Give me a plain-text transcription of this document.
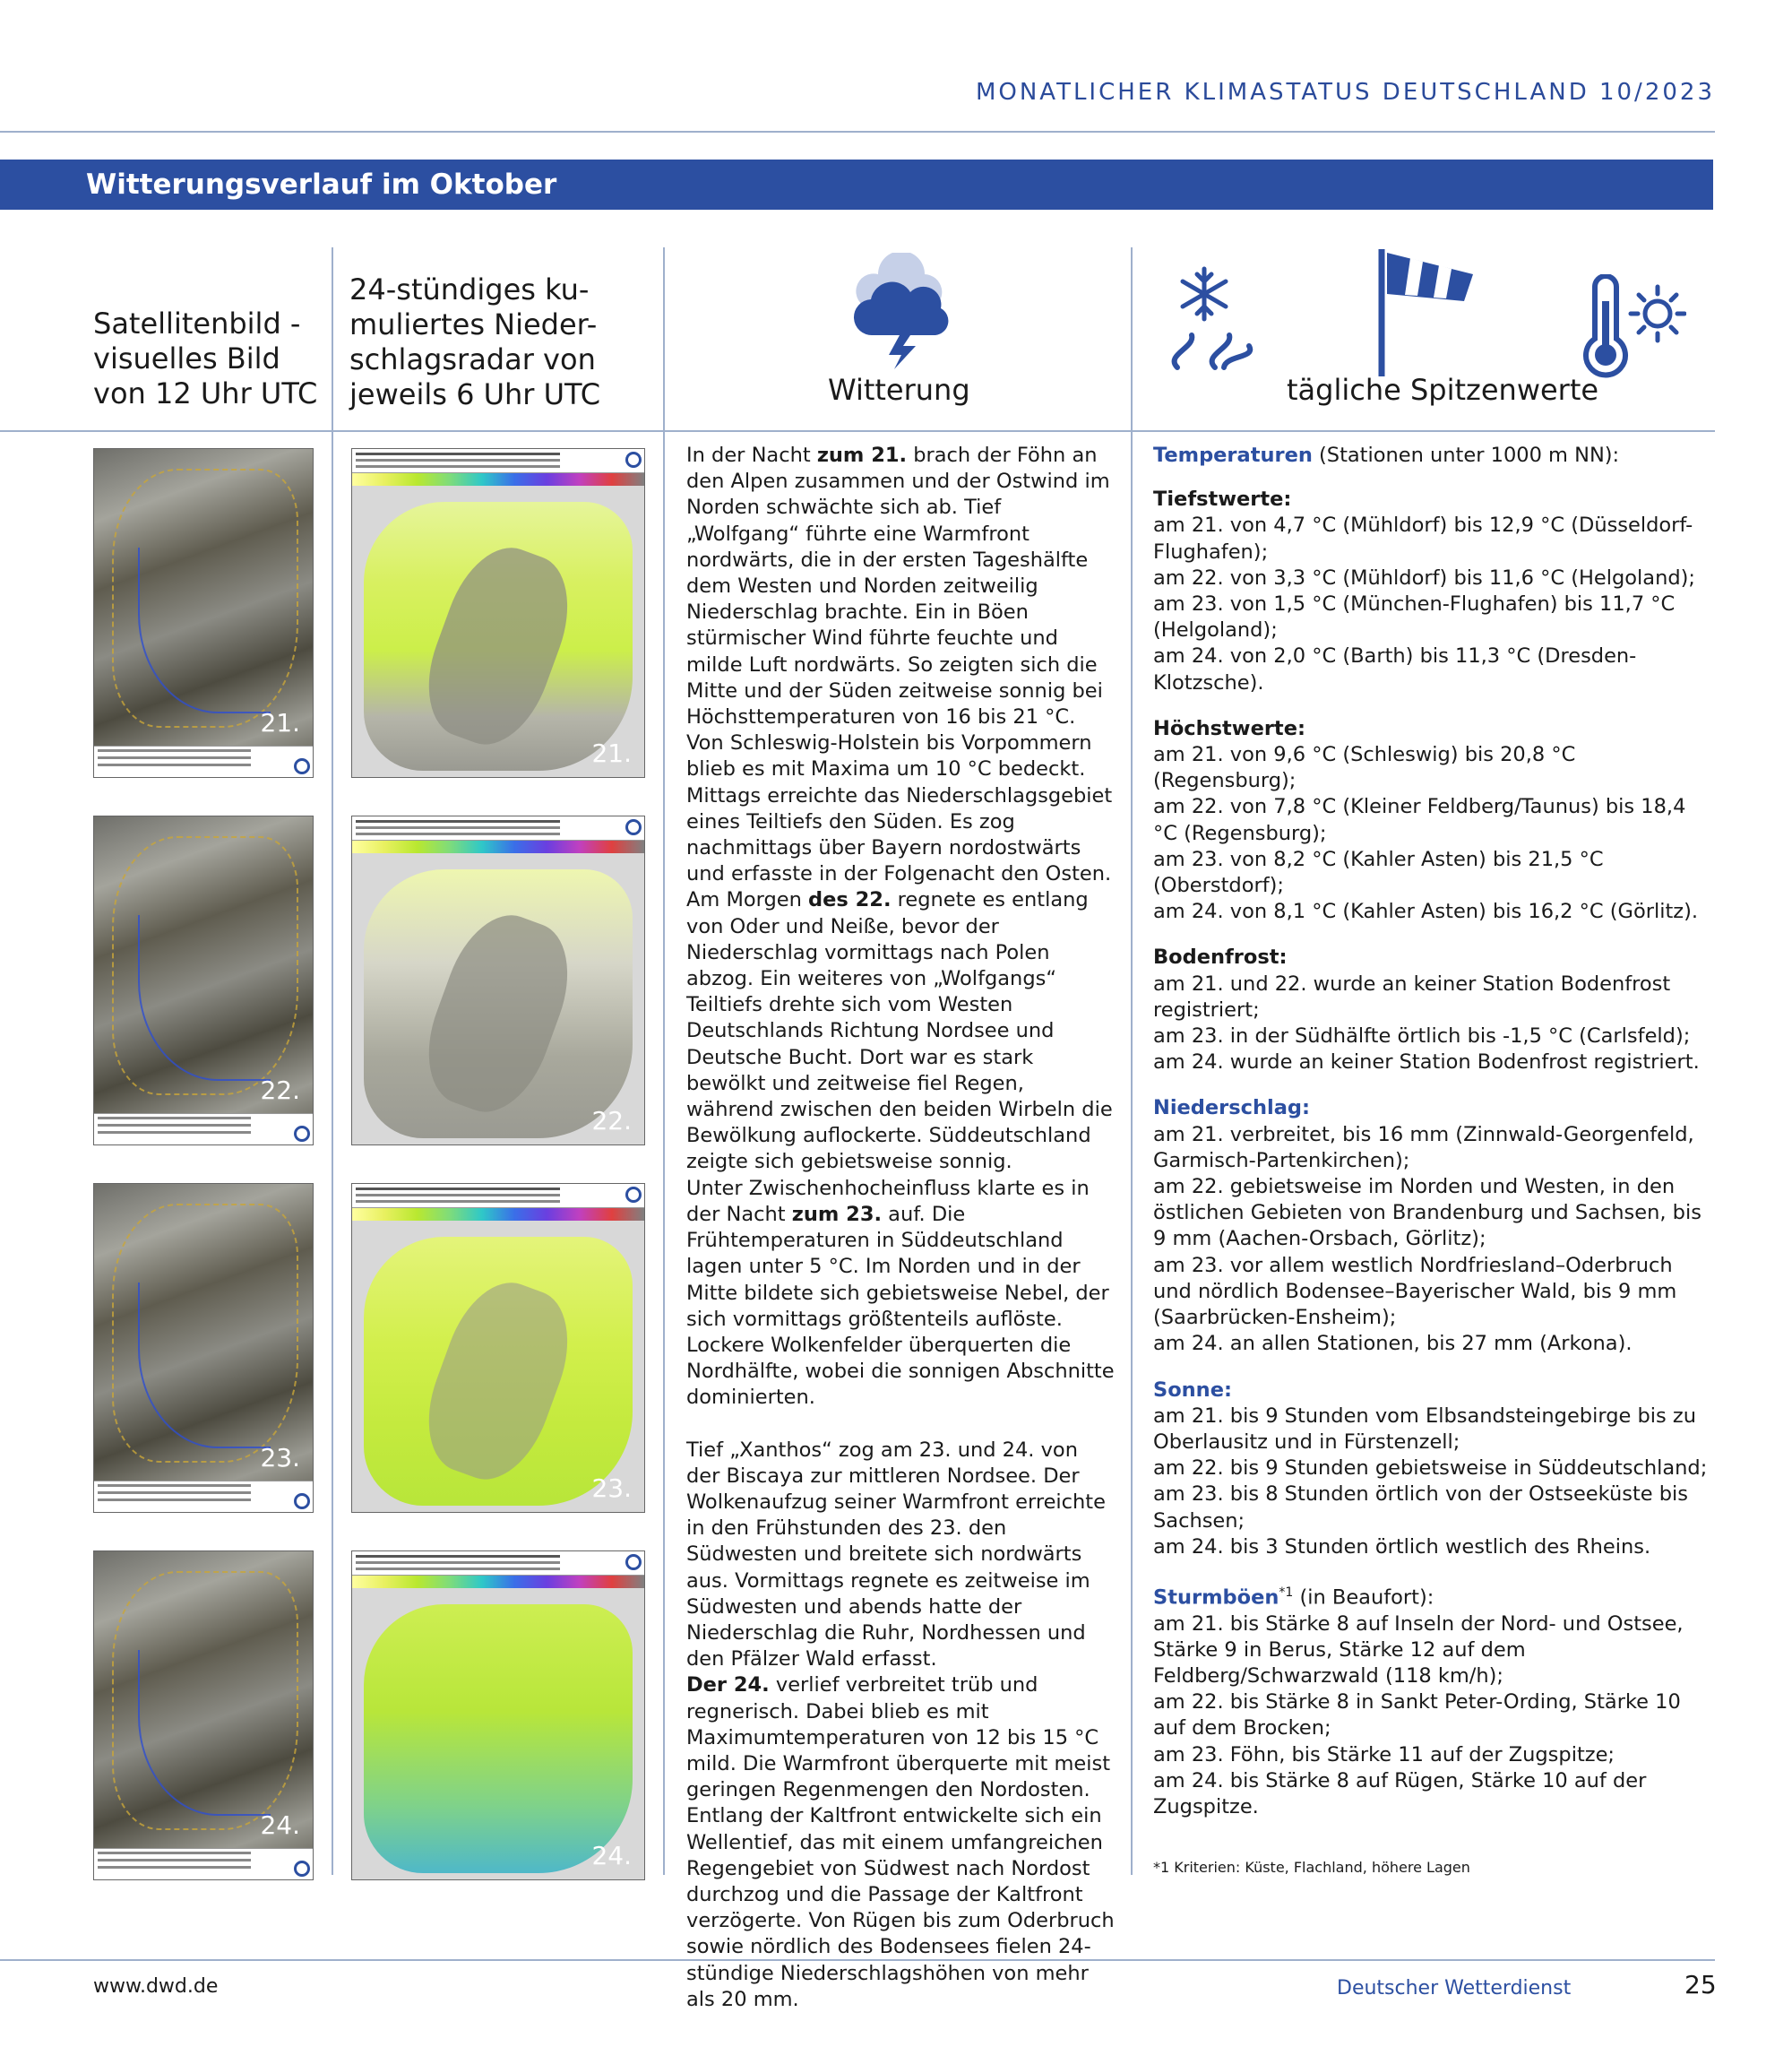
MONATLICHER KLIMASTATUS DEUTSCHLAND 10/2023
Witterungsverlauf im Oktober
Satellitenbild -
visuelles Bild
von 12 Uhr UTC
24-stündiges ku-
muliertes Nieder-
schlagsradar von
jeweils 6 Uhr UTC	Witterung	tägliche Spitzenwerte
21.
22.
23.
24.
21.
22.
23.
24.

In der Nacht zum 21. brach der Föhn an den Alpen zusammen und der Ostwind im Norden schwächte sich ab. Tief „Wolfgang“ führte eine Warmfront nordwärts, die in der ersten Tageshälfte dem Westen und Norden zeitweilig Niederschlag brachte. Ein in Böen stürmischer Wind führte feuchte und milde Luft nordwärts. So zeigten sich die Mitte und der Süden zeitweise sonnig bei Höchsttemperaturen von 16 bis 21 °C. Von Schleswig-Holstein bis Vorpommern blieb es mit Maxima um 10 °C bedeckt. Mittags erreichte das Niederschlagsgebiet eines Teiltiefs den Süden. Es zog nachmittags über Bayern nordostwärts und erfasste in der Folgenacht den Osten.

Am Morgen des 22. regnete es entlang von Oder und Neiße, bevor der Niederschlag vormittags nach Polen abzog. Ein weiteres von „Wolfgangs“ Teiltiefs drehte sich vom Westen Deutschlands Richtung Nordsee und Deutsche Bucht. Dort war es stark bewölkt und zeitweise fiel Regen, während zwischen den beiden Wirbeln die Bewölkung auflockerte. Süddeutschland zeigte sich gebietsweise sonnig.

Unter Zwischenhocheinfluss klarte es in der Nacht zum 23. auf. Die Frühtemperaturen in Süddeutschland lagen unter 5 °C. Im Norden und in der Mitte bildete sich gebietsweise Nebel, der sich vormittags größtenteils auflöste. Lockere Wolkenfelder überquerten die Nordhälfte, wobei die sonnigen Abschnitte dominierten.

Tief „Xanthos“ zog am 23. und 24. von der Biscaya zur mittleren Nordsee. Der Wolkenaufzug seiner Warmfront erreichte in den Frühstunden des 23. den Südwesten und breitete sich nordwärts aus. Vormittags regnete es zeitweise im Südwesten und abends hatte der Niederschlag die Ruhr, Nordhessen und den Pfälzer Wald erfasst.

Der 24. verlief verbreitet trüb und regnerisch. Dabei blieb es mit Maximumtemperaturen von 12 bis 15 °C mild. Die Warmfront überquerte mit meist geringen Regenmengen den Nordosten. Entlang der Kaltfront entwickelte sich ein Wellentief, das mit einem umfangreichen Regengebiet von Südwest nach Nordost durchzog und die Passage der Kaltfront verzögerte. Von Rügen bis zum Oderbruch sowie nördlich des Bodensees fielen 24-stündige Niederschlagshöhen von mehr als 20 mm.

Temperaturen (Stationen unter 1000 m NN):

Tiefstwerte:

am 21. von 4,7 °C (Mühldorf) bis 12,9 °C (Düsseldorf-Flughafen);

am 22. von 3,3 °C (Mühldorf) bis 11,6 °C (Helgoland);

am 23. von 1,5 °C (München-Flughafen) bis 11,7 °C (Helgoland);

am 24. von 2,0 °C (Barth) bis 11,3 °C (Dresden-Klotzsche).

Höchstwerte:

am 21. von 9,6 °C (Schleswig) bis 20,8 °C (Regensburg);

am 22. von 7,8 °C (Kleiner Feldberg/Taunus) bis 18,4 °C (Regensburg);

am 23. von 8,2 °C (Kahler Asten) bis 21,5 °C (Oberstdorf);

am 24. von 8,1 °C (Kahler Asten) bis 16,2 °C (Görlitz).

Bodenfrost:

am 21. und 22. wurde an keiner Station Bodenfrost registriert;

am 23. in der Südhälfte örtlich bis -1,5 °C (Carlsfeld);

am 24. wurde an keiner Station Bodenfrost registriert.

Niederschlag:

am 21. verbreitet, bis 16 mm (Zinnwald-Georgenfeld, Garmisch-Partenkirchen);

am 22. gebietsweise im Norden und Westen, in den östlichen Gebieten von Brandenburg und Sachsen, bis 9 mm (Aachen-Orsbach, Görlitz);

am 23. vor allem westlich Nordfriesland–Oderbruch und nördlich Bodensee–Bayerischer Wald, bis 9 mm (Saarbrücken-Ensheim);

am 24. an allen Stationen, bis 27 mm (Arkona).

Sonne:

am 21. bis 9 Stunden vom Elbsandsteingebirge bis zu Oberlausitz und in Fürstenzell;

am 22. bis 9 Stunden gebietsweise in Süddeutschland;

am 23. bis 8 Stunden örtlich von der Ostseeküste bis Sachsen;

am 24. bis 3 Stunden örtlich westlich des Rheins.

Sturmböen$^{*1}$ (in Beaufort):

am 21. bis Stärke 8 auf Inseln der Nord- und Ostsee, Stärke 9 in Berus, Stärke 12 auf dem Feldberg/Schwarzwald (118 km/h);

am 22. bis Stärke 8 in Sankt Peter-Ording, Stärke 10 auf dem Brocken;

am 23. Föhn, bis Stärke 11 auf der Zugspitze;

am 24. bis Stärke 8 auf Rügen, Stärke 10 auf der Zugspitze.

*1 Kriterien: Küste, Flachland, höhere Lagen
www.dwd.de	Deutscher Wetterdienst	25
